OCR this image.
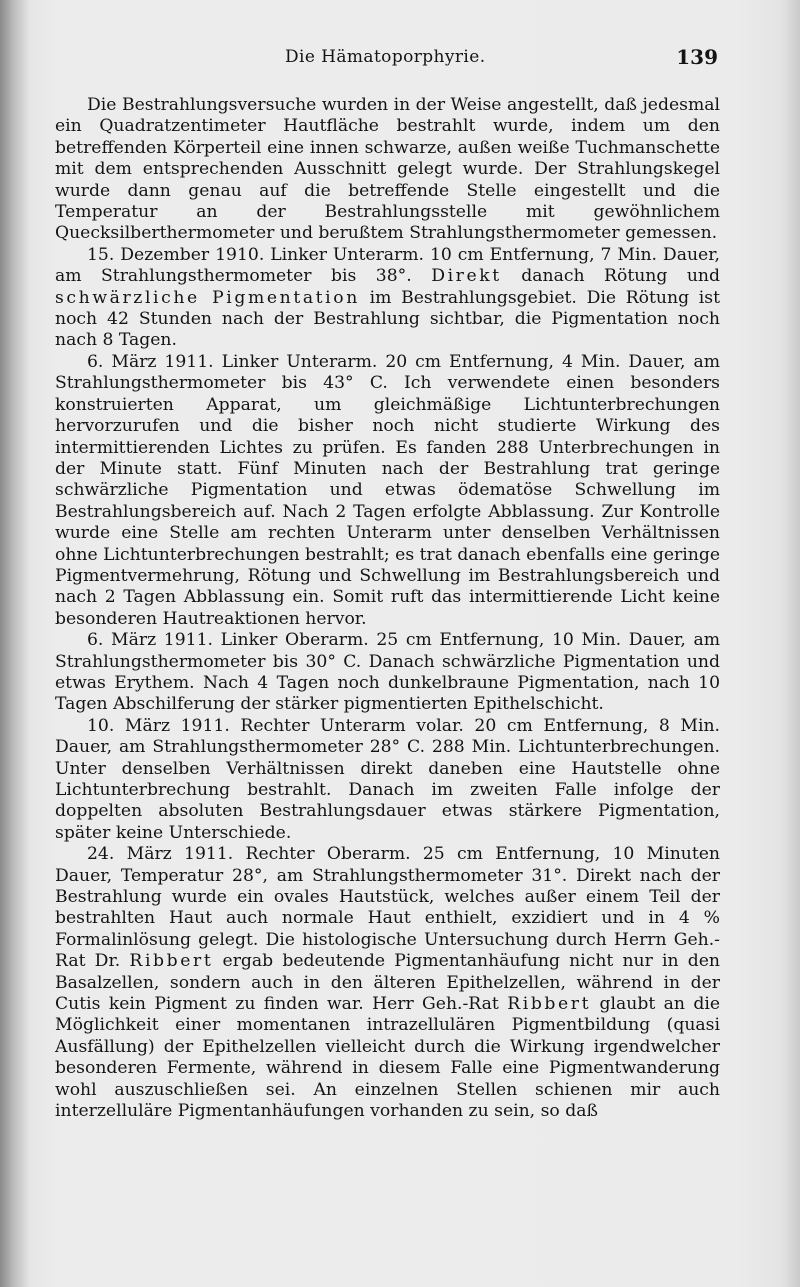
Die Hämatoporphyrie.	139

Die Bestrahlungsversuche wurden in der Weise angestellt, daß jedesmal ein Quadratzentimeter Hautfläche bestrahlt wurde, indem um den betreffenden Körperteil eine innen schwarze, außen weiße Tuchmanschette mit dem entsprechenden Ausschnitt gelegt wurde. Der Strahlungskegel wurde dann genau auf die betreffende Stelle eingestellt und die Temperatur an der Bestrahlungsstelle mit gewöhnlichem Quecksilberthermometer und berußtem Strahlungsthermometer gemessen.

15. Dezember 1910. Linker Unterarm. 10 cm Entfernung, 7 Min. Dauer, am Strahlungsthermometer bis 38°. Direkt danach Rötung und schwärzliche Pigmentation im Bestrahlungsgebiet. Die Rötung ist noch 42 Stunden nach der Bestrahlung sichtbar, die Pigmentation noch nach 8 Tagen.

6. März 1911. Linker Unterarm. 20 cm Entfernung, 4 Min. Dauer, am Strahlungsthermometer bis 43° C. Ich verwendete einen besonders konstruierten Apparat, um gleichmäßige Lichtunterbrechungen hervorzurufen und die bisher noch nicht studierte Wirkung des intermittierenden Lichtes zu prüfen. Es fanden 288 Unterbrechungen in der Minute statt. Fünf Minuten nach der Bestrahlung trat geringe schwärzliche Pigmentation und etwas ödematöse Schwellung im Bestrahlungsbereich auf. Nach 2 Tagen erfolgte Abblassung. Zur Kontrolle wurde eine Stelle am rechten Unterarm unter denselben Verhältnissen ohne Lichtunterbrechungen bestrahlt; es trat danach ebenfalls eine geringe Pigmentvermehrung, Rötung und Schwellung im Bestrahlungsbereich und nach 2 Tagen Abblassung ein. Somit ruft das intermittierende Licht keine besonderen Hautreaktionen hervor.

6. März 1911. Linker Oberarm. 25 cm Entfernung, 10 Min. Dauer, am Strahlungsthermometer bis 30° C. Danach schwärzliche Pigmentation und etwas Erythem. Nach 4 Tagen noch dunkelbraune Pigmentation, nach 10 Tagen Abschilferung der stärker pigmentierten Epithelschicht.

10. März 1911. Rechter Unterarm volar. 20 cm Entfernung, 8 Min. Dauer, am Strahlungsthermometer 28° C. 288 Min. Lichtunterbrechungen. Unter denselben Verhältnissen direkt daneben eine Hautstelle ohne Lichtunterbrechung bestrahlt. Danach im zweiten Falle infolge der doppelten absoluten Bestrahlungsdauer etwas stärkere Pigmentation, später keine Unterschiede.

24. März 1911. Rechter Oberarm. 25 cm Entfernung, 10 Minuten Dauer, Temperatur 28°, am Strahlungsthermometer 31°. Direkt nach der Bestrahlung wurde ein ovales Hautstück, welches außer einem Teil der bestrahlten Haut auch normale Haut enthielt, exzidiert und in 4 % Formalinlösung gelegt. Die histologische Untersuchung durch Herrn Geh.-Rat Dr. Ribbert ergab bedeutende Pigmentanhäufung nicht nur in den Basalzellen, sondern auch in den älteren Epithelzellen, während in der Cutis kein Pigment zu finden war. Herr Geh.-Rat Ribbert glaubt an die Möglichkeit einer momentanen intrazellulären Pigmentbildung (quasi Ausfällung) der Epithelzellen vielleicht durch die Wirkung irgendwelcher besonderen Fermente, während in diesem Falle eine Pigmentwanderung wohl auszuschließen sei. An einzelnen Stellen schienen mir auch interzelluläre Pigmentanhäufungen vorhanden zu sein, so daß
